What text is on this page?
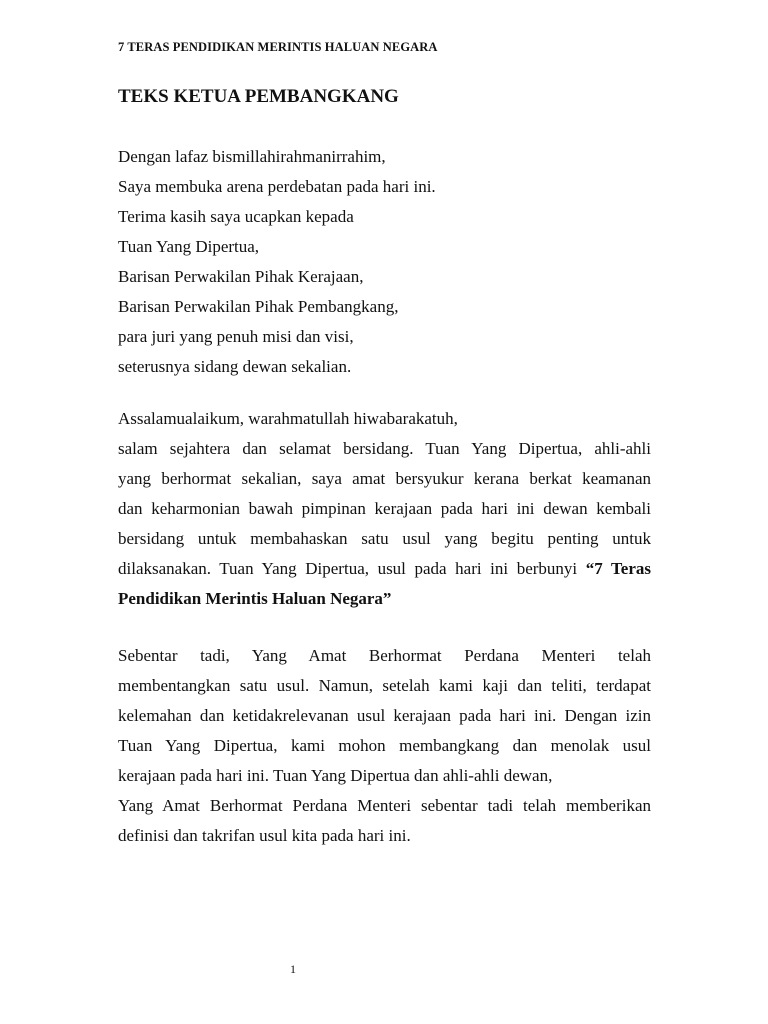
7 TERAS PENDIDIKAN MERINTIS HALUAN NEGARA
TEKS KETUA PEMBANGKANG
Dengan lafaz bismillahirahmanirrahim,
Saya membuka arena perdebatan pada hari ini.
Terima kasih saya ucapkan kepada
Tuan Yang Dipertua,
Barisan Perwakilan Pihak Kerajaan,
Barisan Perwakilan Pihak Pembangkang,
para juri yang penuh misi dan visi,
seterusnya sidang dewan sekalian.
Assalamualaikum, warahmatullah hiwabarakatuh,
salam sejahtera dan selamat bersidang. Tuan Yang Dipertua, ahli-ahli
yang berhormat sekalian, saya amat bersyukur kerana berkat keamanan
dan keharmonian bawah pimpinan kerajaan pada hari ini dewan kembali
bersidang untuk membahaskan satu usul yang begitu penting untuk
dilaksanakan. Tuan Yang Dipertua, usul pada hari ini berbunyi “7 Teras
Pendidikan Merintis Haluan Negara”
Sebentar tadi, Yang Amat Berhormat Perdana Menteri telah
membentangkan satu usul. Namun, setelah kami kaji dan teliti, terdapat
kelemahan dan ketidakrelevanan usul kerajaan pada hari ini. Dengan izin
Tuan Yang Dipertua, kami mohon membangkang dan menolak usul
kerajaan pada hari ini. Tuan Yang Dipertua dan ahli-ahli dewan,
Yang Amat Berhormat Perdana Menteri sebentar tadi telah memberikan
definisi dan takrifan usul kita pada hari ini.
1
